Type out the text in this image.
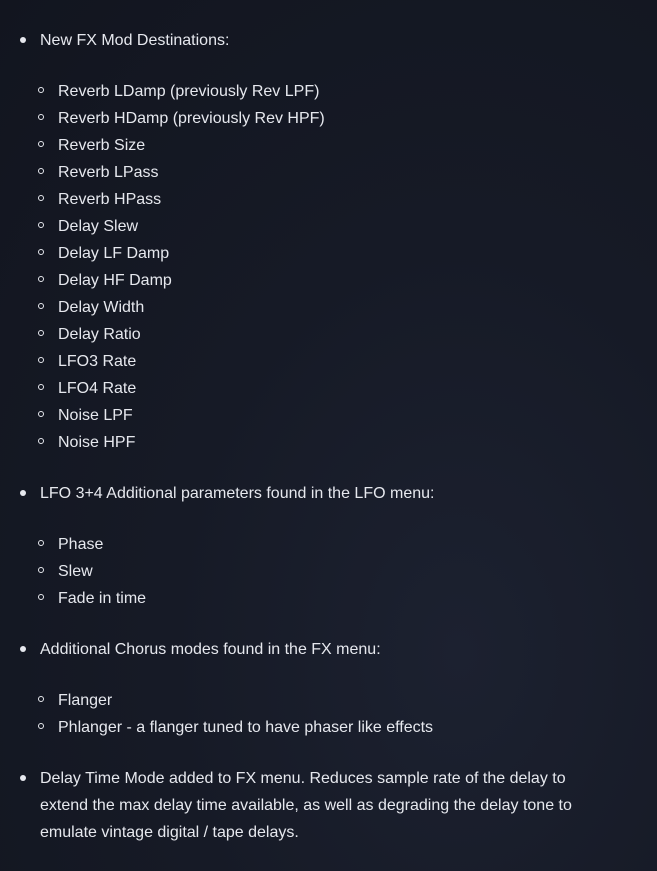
New FX Mod Destinations:
Reverb LDamp (previously Rev LPF)
Reverb HDamp (previously Rev HPF)
Reverb Size
Reverb LPass
Reverb HPass
Delay Slew
Delay LF Damp
Delay HF Damp
Delay Width
Delay Ratio
LFO3 Rate
LFO4 Rate
Noise LPF
Noise HPF
LFO 3+4 Additional parameters found in the LFO menu:
Phase
Slew
Fade in time
Additional Chorus modes found in the FX menu:
Flanger
Phlanger - a flanger tuned to have phaser like effects
Delay Time Mode added to FX menu. Reduces sample rate of the delay to extend the max delay time available, as well as degrading the delay tone to emulate vintage digital / tape delays.
